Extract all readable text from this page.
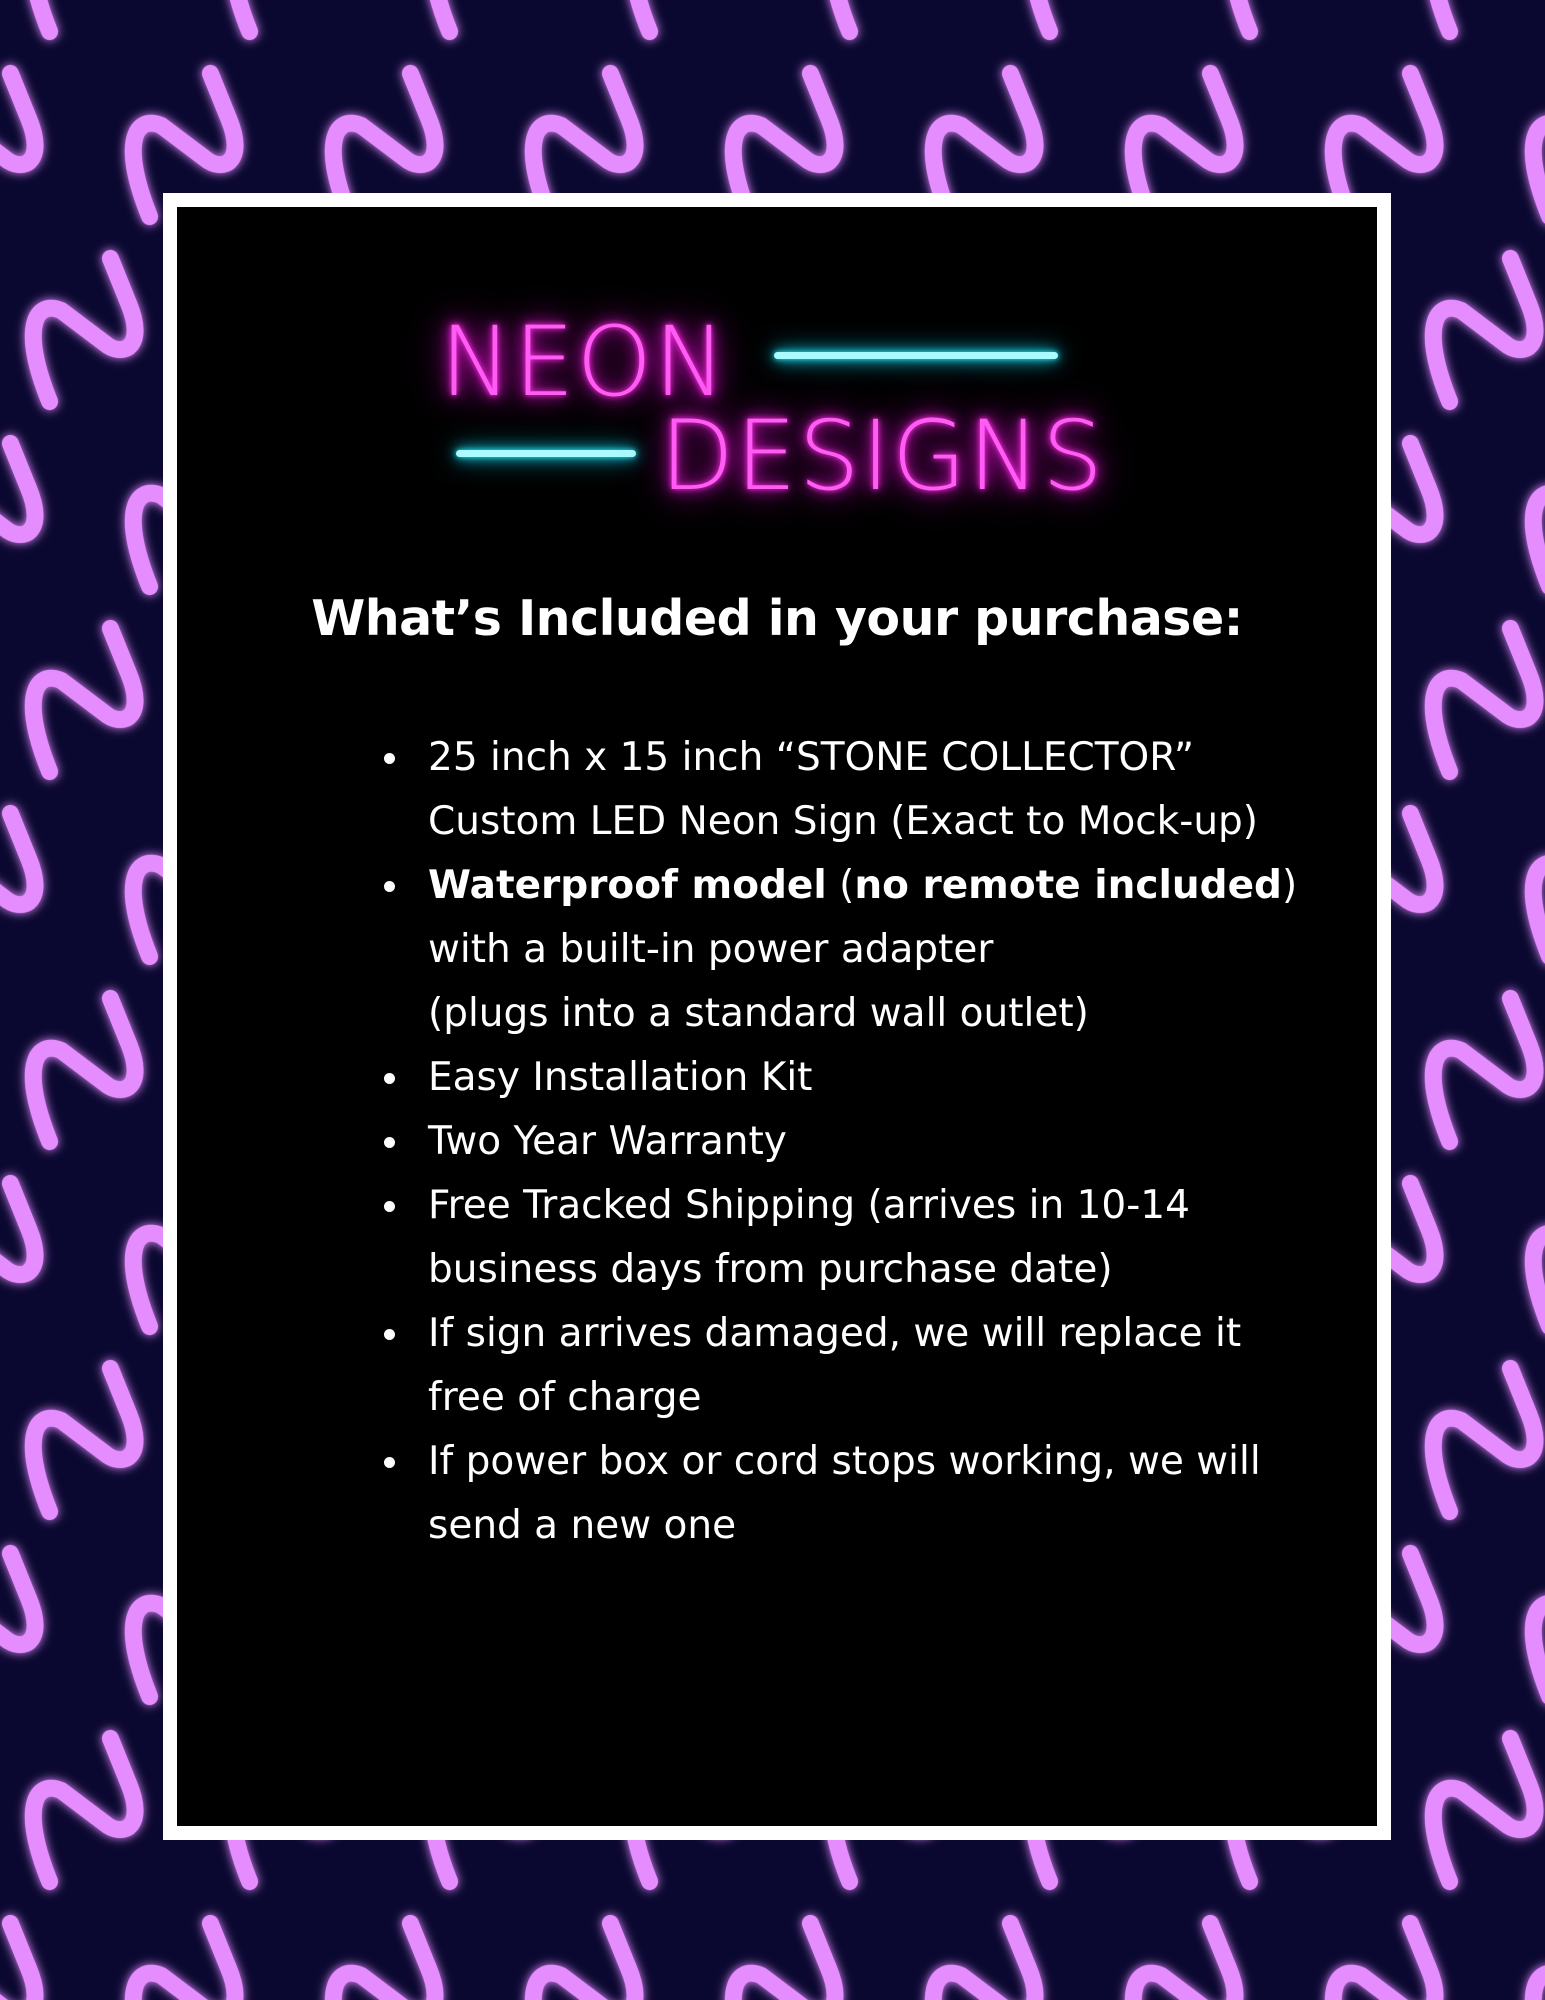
NEON

DESIGNS

What’s Included in your purchase:
25 inch x 15 inch “STONE COLLECTOR” Custom LED Neon Sign (Exact to Mock-up)
Waterproof model (no remote included) with a built-in power adapter
(plugs into a standard wall outlet)
Easy Installation Kit
Two Year Warranty
Free Tracked Shipping (arrives in 10-14 business days from purchase date)
If sign arrives damaged, we will replace it free of charge
If power box or cord stops working, we will send a new one
